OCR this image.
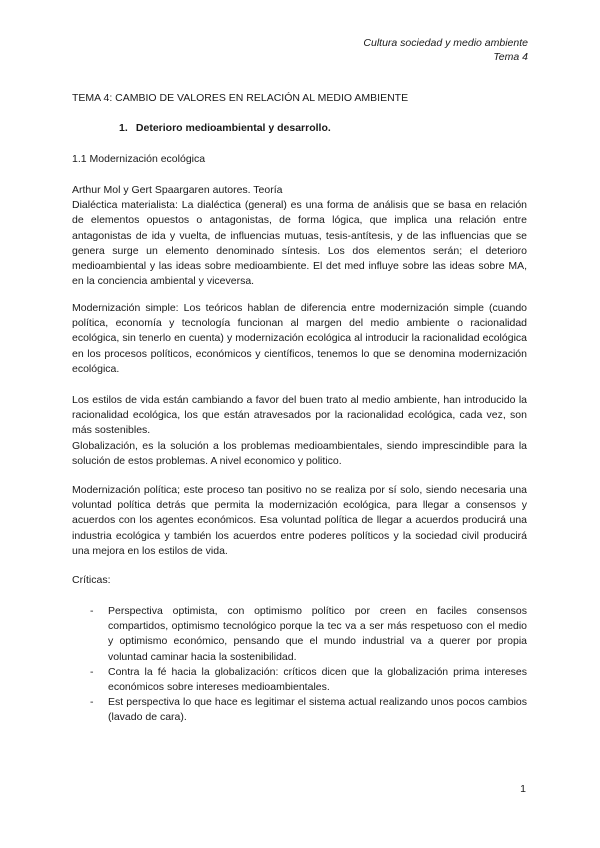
Cultura sociedad y medio ambiente
Tema 4
TEMA 4: CAMBIO DE VALORES EN RELACIÓN AL MEDIO AMBIENTE
1. Deterioro medioambiental y desarrollo.
1.1 Modernización ecológica

Arthur Mol y Gert Spaargaren autores. Teoría

Dialéctica materialista: La dialéctica (general) es una forma de análisis que se basa en relación de elementos opuestos o antagonistas, de forma lógica, que implica una relación entre antagonistas de ida y vuelta, de influencias mutuas, tesis-antítesis, y de las influencias que se genera surge un elemento denominado síntesis. Los dos elementos serán; el deterioro medioambiental y las ideas sobre medioambiente. El det med influye sobre las ideas sobre MA, en la conciencia ambiental y viceversa.

Modernización simple: Los teóricos hablan de diferencia entre modernización simple (cuando política, economía y tecnología funcionan al margen del medio ambiente o racionalidad ecológica, sin tenerlo en cuenta) y modernización ecológica al introducir la racionalidad ecológica en los procesos políticos, económicos y científicos, tenemos lo que se denomina modernización ecológica.

Los estilos de vida están cambiando a favor del buen trato al medio ambiente, han introducido la racionalidad ecológica, los que están atravesados por la racionalidad ecológica, cada vez, son más sostenibles.

Globalización, es la solución a los problemas medioambientales, siendo imprescindible para la solución de estos problemas. A nivel economico y politico.

Modernización política; este proceso tan positivo no se realiza por sí solo, siendo necesaria una voluntad política detrás que permita la modernización ecológica, para llegar a consensos y acuerdos con los agentes económicos. Esa voluntad política de llegar a acuerdos producirá una industria ecológica y también los acuerdos entre poderes políticos y la sociedad civil producirá una mejora en los estilos de vida.

Críticas:
- Perspectiva optimista, con optimismo político por creen en faciles consensos compartidos, optimismo tecnológico porque la tec va a ser más respetuoso con el medio y optimismo económico, pensando que el mundo industrial va a querer por propia voluntad caminar hacia la sostenibilidad.
- Contra la fé hacia la globalización: críticos dicen que la globalización prima intereses económicos sobre intereses medioambientales.
- Est perspectiva lo que hace es legitimar el sistema actual realizando unos pocos cambios (lavado de cara).
1
